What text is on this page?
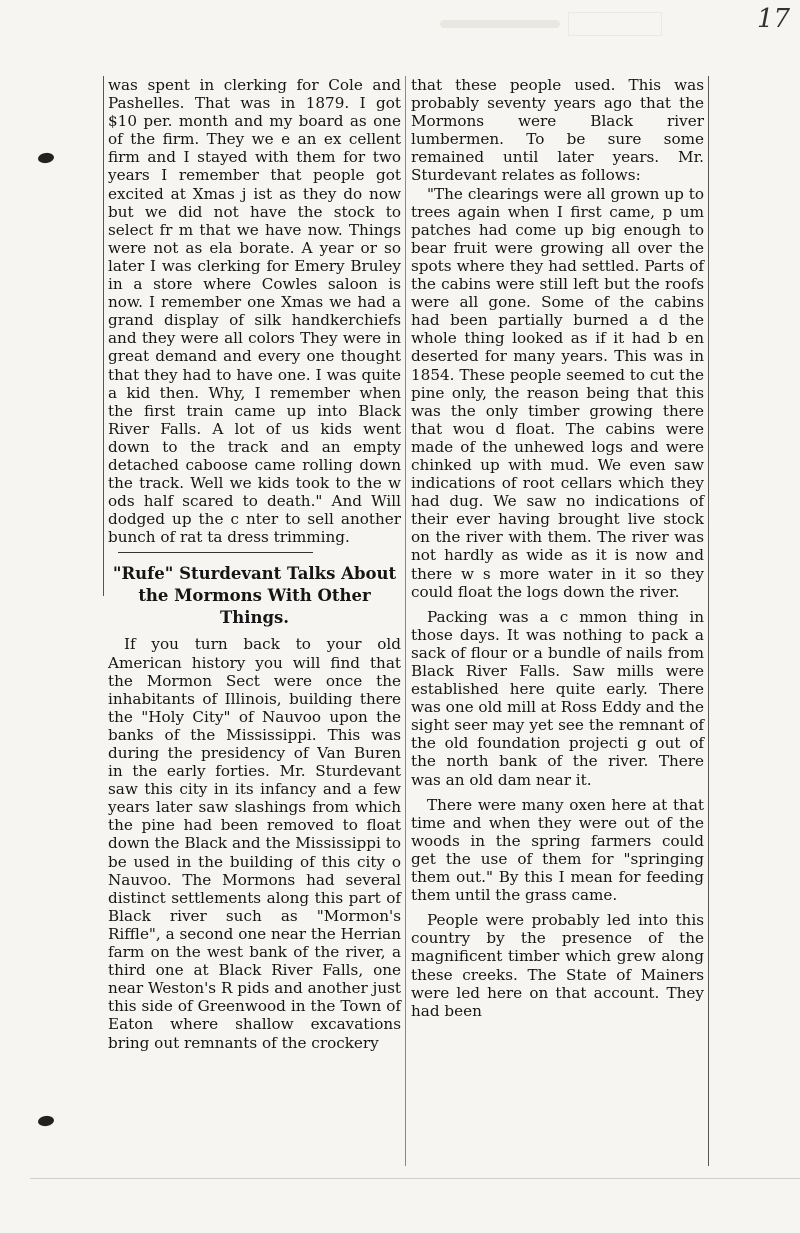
17

was spent in clerking for Cole and Pashelles. That was in 1879. I got $10 per. month and my board as one of the firm. They we e an ex cellent firm and I stayed with them for two years I remember that people got excited at Xmas j ist as they do now but we did not have the stock to select fr m that we have now. Things were not as ela borate. A year or so later I was clerking for Emery Bruley in a store where Cowles saloon is now. I remember one Xmas we had a grand display of silk handkerchiefs and they were all colors They were in great demand and every one thought that they had to have one. I was quite a kid then. Why, I remember when the first train came up into Black River Falls. A lot of us kids went down to the track and an empty detached caboose came rolling down the track. Well we kids took to the w ods half scared to death." And Will dodged up the c nter to sell another bunch of rat ta dress trimming.

"Rufe" Sturdevant Talks About the Mormons With Other Things.

If you turn back to your old American history you will find that the Mormon Sect were once the inhabitants of Illinois, building there the "Holy City" of Nauvoo upon the banks of the Mississippi. This was during the presidency of Van Buren in the early forties. Mr. Sturdevant saw this city in its infancy and a few years later saw slashings from which the pine had been removed to float down the Black and the Mississippi to be used in the building of this city o Nauvoo. The Mormons had several distinct settlements along this part of Black river such as "Mormon's Riffle", a second one near the Herrian farm on the west bank of the river, a third one at Black River Falls, one near Weston's R pids and another just this side of Greenwood in the Town of Eaton where shallow excavations bring out remnants of the crockery

that these people used. This was probably seventy years ago that the Mormons were Black river lumbermen. To be sure some remained until later years. Mr. Sturdevant relates as follows:

"The clearings were all grown up to trees again when I first came, p um patches had come up big enough to bear fruit were growing all over the spots where they had settled. Parts of the cabins were still left but the roofs were all gone. Some of the cabins had been partially burned a d the whole thing looked as if it had b en deserted for many years. This was in 1854. These people seemed to cut the pine only, the reason being that this was the only timber growing there that wou d float. The cabins were made of the unhewed logs and were chinked up with mud. We even saw indications of root cellars which they had dug. We saw no indications of their ever having brought live stock on the river with them. The river was not hardly as wide as it is now and there w s more water in it so they could float the logs down the river.

Packing was a c mmon thing in those days. It was nothing to pack a sack of flour or a bundle of nails from Black River Falls. Saw mills were established here quite early. There was one old mill at Ross Eddy and the sight seer may yet see the remnant of the old foundation projecti g out of the north bank of the river. There was an old dam near it.

There were many oxen here at that time and when they were out of the woods in the spring farmers could get the use of them for "springing them out." By this I mean for feeding them until the grass came.

People were probably led into this country by the presence of the magnificent timber which grew along these creeks. The State of Mainers were led here on that account. They had been
